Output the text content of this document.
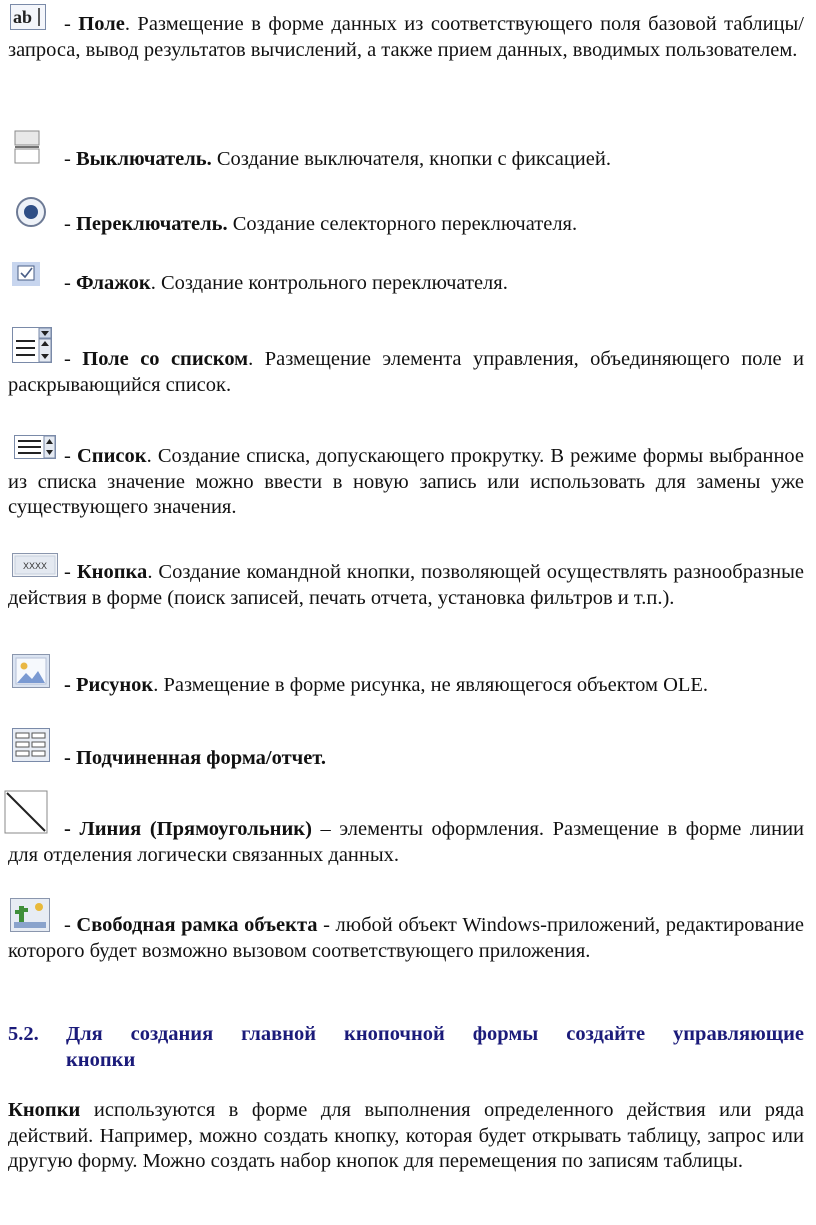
ab	- Поле. Размещение в форме данных из соответствующего поля базовой таблицы/запроса, вывод результатов вычислений, а также прием данных, вводимых пользователем.
- Выключатель. Создание выключателя, кнопки с фиксацией.
- Переключатель. Создание селекторного переключателя.
- Флажок. Создание контрольного переключателя.
- Поле со списком. Размещение элемента управления, объединяющего поле и раскрывающийся список.
- Список. Создание списка, допускающего прокрутку. В режиме формы выбранное из списка значение можно ввести в новую запись или использовать для замены уже существующего значения.
XXXX - Кнопка. Создание командной кнопки, позволяющей осуществлять разнообразные действия в форме (поиск записей, печать отчета, установка фильтров и т.п.).
- Рисунок. Размещение в форме рисунка, не являющегося объектом OLE.
- Подчиненная форма/отчет.
- Линия (Прямоугольник) – элементы оформления. Размещение в форме линии для отделения логически связанных данных.
- Свободная рамка объекта - любой объект Windows-приложений, редактирование которого будет возможно вызовом соответствующего приложения.
5.2. Для создания главной кнопочной формы создайте управляющие
кнопки
Кнопки используются в форме для выполнения определенного действия или ряда действий. Например, можно создать кнопку, которая будет открывать таблицу, запрос или другую форму. Можно создать набор кнопок для перемещения по записям таблицы.
